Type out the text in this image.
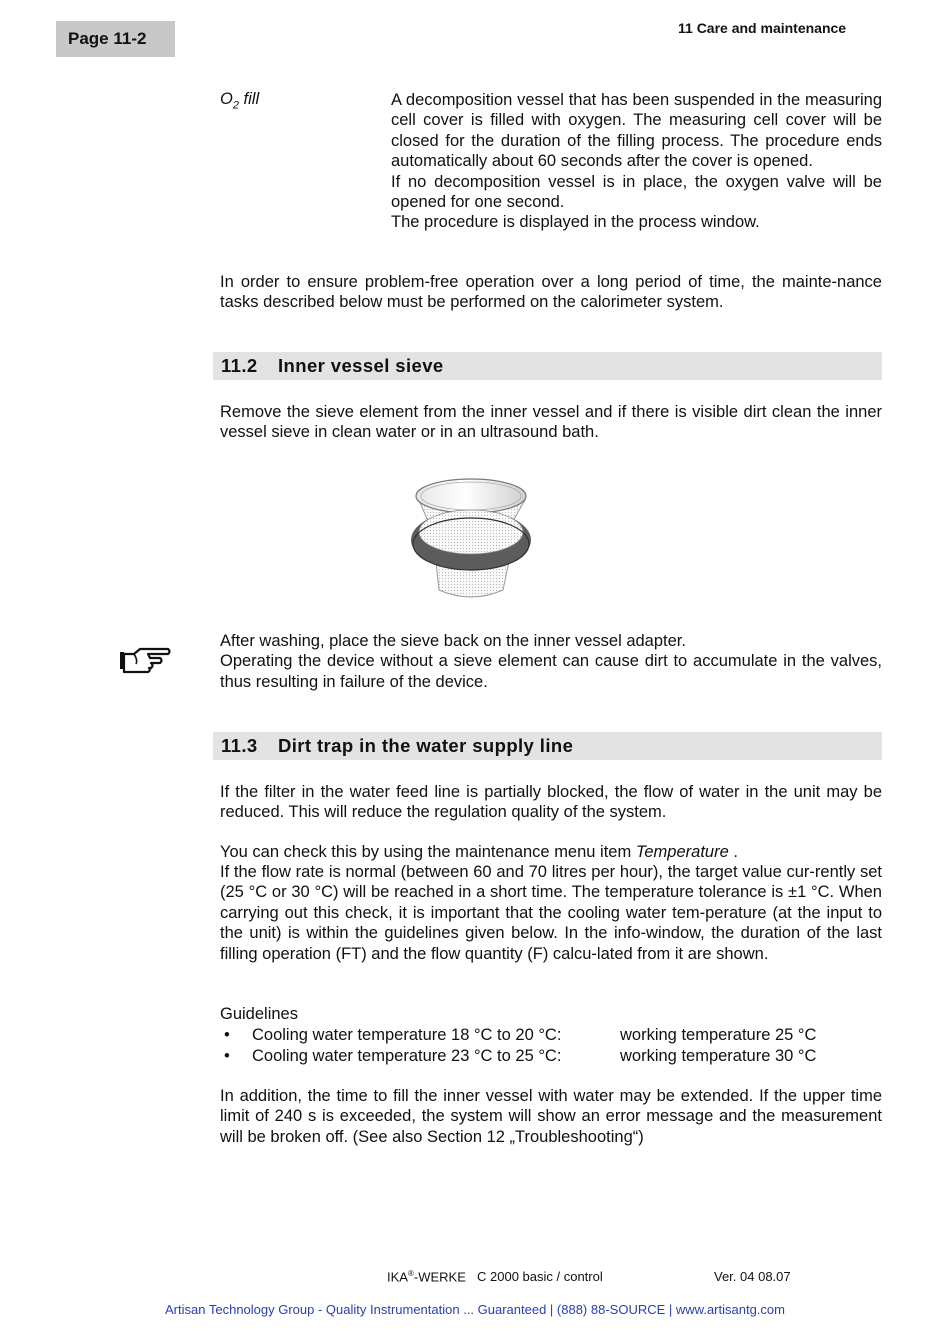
Page 11-2
11 Care and maintenance
$O_2$ fill	A decomposition vessel that has been suspended in the measuring cell cover is filled with oxygen. The measuring cell cover will be closed for the duration of the filling process. The procedure ends automatically about 60 seconds after the cover is opened.

If no decomposition vessel is in place, the oxygen valve will be opened for one second.

The procedure is displayed in the process window.

In order to ensure problem-free operation over a long period of time, the mainte-nance tasks described below must be performed on the calorimeter system.

11.2 Inner vessel sieve

Remove the sieve element from the inner vessel and if there is visible dirt clean the inner vessel sieve in clean water or in an ultrasound bath.

After washing, place the sieve back on the inner vessel adapter.
Operating the device without a sieve element can cause dirt to accumulate in the valves, thus resulting in failure of the device.
11.3 Dirt trap in the water supply line

If the filter in the water feed line is partially blocked, the flow of water in the unit may be reduced. This will reduce the regulation quality of the system.

You can check this by using the maintenance menu item Temperature .

If the flow rate is normal (between 60 and 70 litres per hour), the target value cur-rently set (25 °C or 30 °C) will be reached in a short time. The temperature tolerance is ±1 °C. When carrying out this check, it is important that the cooling water tem-perature (at the input to the unit) is within the guidelines given below. In the info-window, the duration of the last filling operation (FT) and the flow quantity (F) calcu-lated from it are shown.

Guidelines
• Cooling water temperature 18 °C to 20 °C:	working temperature 25 °C
• Cooling water temperature 23 °C to 25 °C:	working temperature 30 °C

In addition, the time to fill the inner vessel with water may be extended. If the upper time limit of 240 s is exceeded, the system will show an error message and the measurement will be broken off. (See also Section 12 „Troubleshooting“)

IKA®-WERKE C 2000 basic / control	Ver. 04 08.07
Artisan Technology Group - Quality Instrumentation ... Guaranteed | (888) 88-SOURCE | www.artisantg.com
